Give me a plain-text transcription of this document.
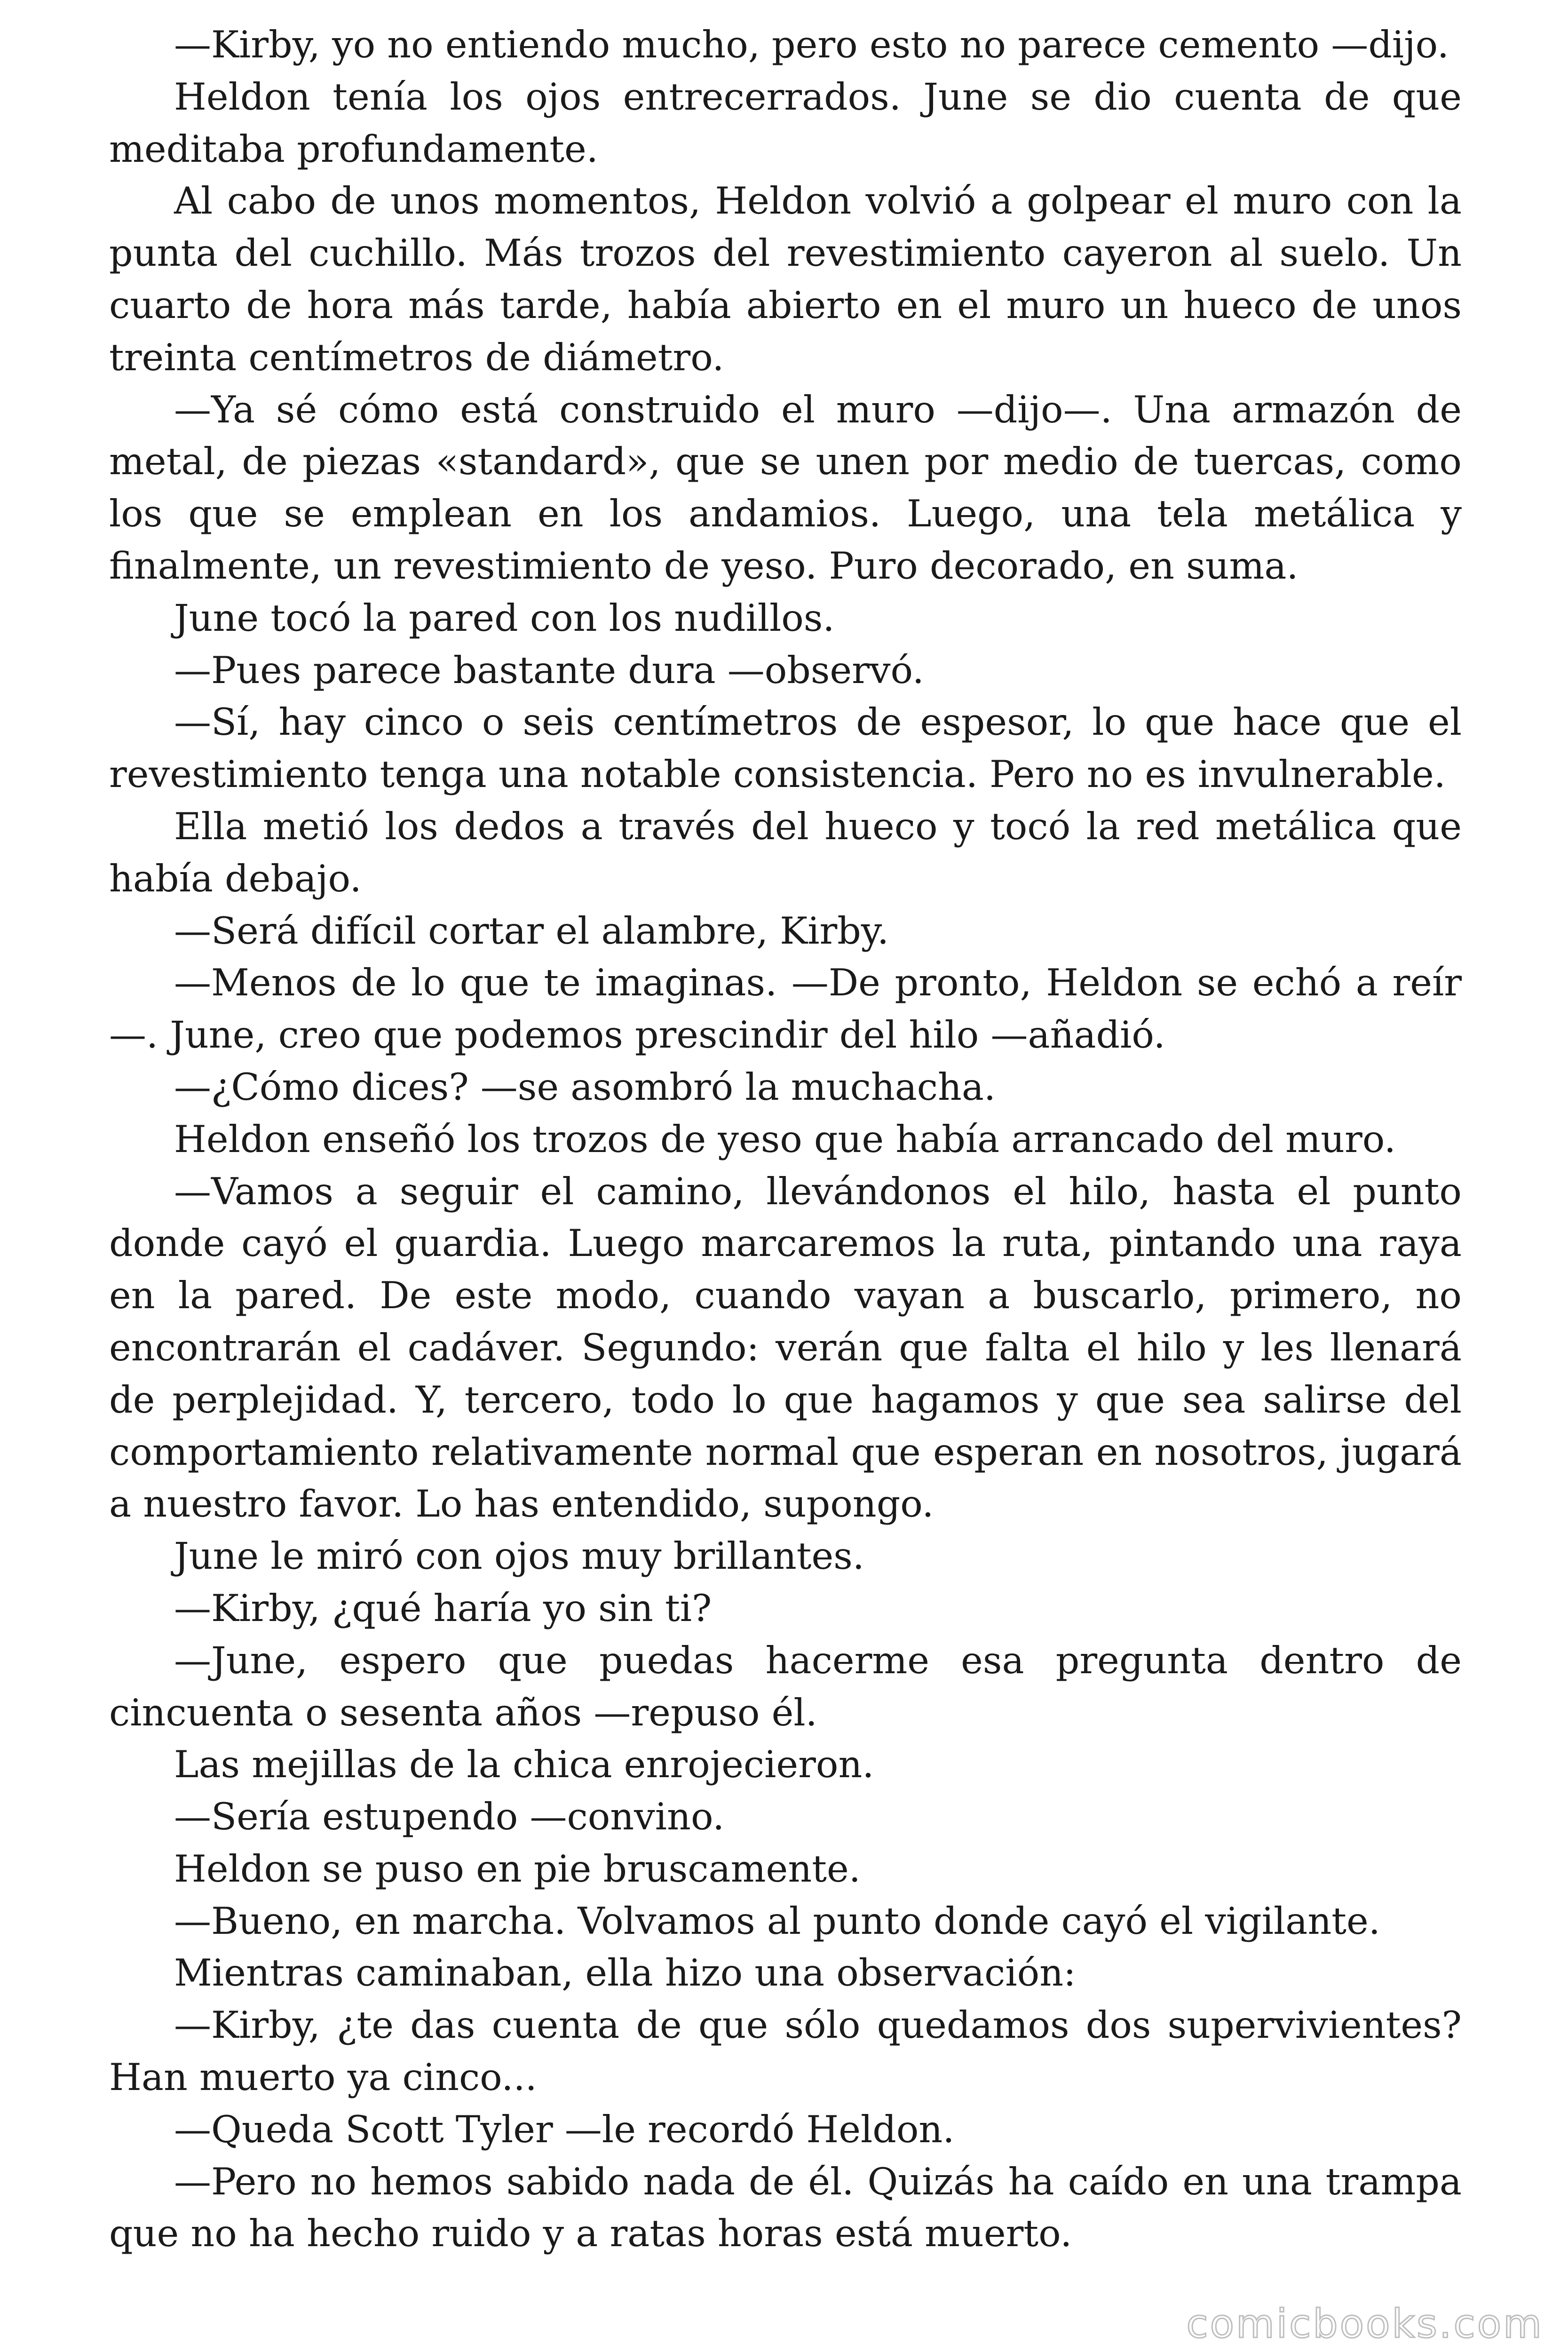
—Kirby, yo no entiendo mucho, pero esto no parece cemento —dijo.

Heldon tenía los ojos entrecerrados. June se dio cuenta de que meditaba profundamente.

Al cabo de unos momentos, Heldon volvió a golpear el muro con la punta del cuchillo. Más trozos del revestimiento cayeron al suelo. Un cuarto de hora más tarde, había abierto en el muro un hueco de unos treinta centímetros de diámetro.

—Ya sé cómo está construido el muro —dijo—. Una armazón de metal, de piezas «standard», que se unen por medio de tuercas, como los que se emplean en los andamios. Luego, una tela metálica y finalmente, un revestimiento de yeso. Puro decorado, en suma.

June tocó la pared con los nudillos.

—Pues parece bastante dura —observó.

—Sí, hay cinco o seis centímetros de espesor, lo que hace que el revestimiento tenga una notable consistencia. Pero no es invulnerable.

Ella metió los dedos a través del hueco y tocó la red metálica que había debajo.

—Será difícil cortar el alambre, Kirby.

—Menos de lo que te imaginas. —De pronto, Heldon se echó a reír —. June, creo que podemos prescindir del hilo —añadió.

—¿Cómo dices? —se asombró la muchacha.

Heldon enseñó los trozos de yeso que había arrancado del muro.

—Vamos a seguir el camino, llevándonos el hilo, hasta el punto donde cayó el guardia. Luego marcaremos la ruta, pintando una raya en la pared. De este modo, cuando vayan a buscarlo, primero, no encontrarán el cadáver. Segundo: verán que falta el hilo y les llenará de perplejidad. Y, tercero, todo lo que hagamos y que sea salirse del comportamiento relativamente normal que esperan en nosotros, jugará a nuestro favor. Lo has entendido, supongo.

June le miró con ojos muy brillantes.

—Kirby, ¿qué haría yo sin ti?

—June, espero que puedas hacerme esa pregunta dentro de cincuenta o sesenta años —repuso él.

Las mejillas de la chica enrojecieron.

—Sería estupendo —convino.

Heldon se puso en pie bruscamente.

—Bueno, en marcha. Volvamos al punto donde cayó el vigilante.

Mientras caminaban, ella hizo una observación:

—Kirby, ¿te das cuenta de que sólo quedamos dos supervivientes? Han muerto ya cinco...

—Queda Scott Tyler —le recordó Heldon.

—Pero no hemos sabido nada de él. Quizás ha caído en una trampa que no ha hecho ruido y a ratas horas está muerto.

comicbooks.com
